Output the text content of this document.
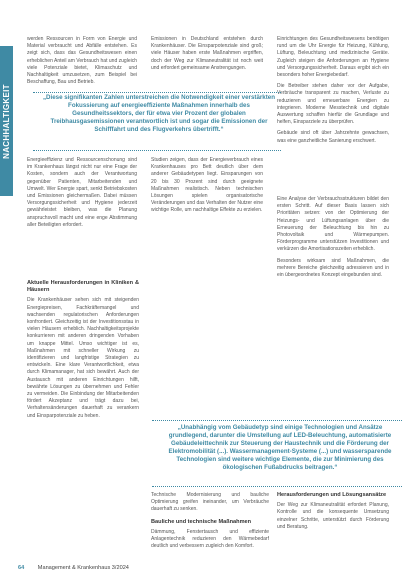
NACHHALTIGKEIT

werden Ressourcen in Form von Energie und Material verbraucht und Abfälle entstehen. Es zeigt sich, dass das Gesundheitswesen einen erheblichen Anteil am Verbrauch hat und zugleich viele Potenziale bietet, Klimaschutz und Nachhaltigkeit umzusetzen, zum Beispiel bei Beschaffung, Bau und Betrieb.

Emissionen in Deutschland entstehen durch Krankenhäuser. Die Einsparpotenziale sind groß; viele Häuser haben erste Maßnahmen ergriffen, doch der Weg zur Klimaneutralität ist noch weit und erfordert gemeinsame Anstrengungen.

Einrichtungen des Gesundheitswesens benötigen rund um die Uhr Energie für Heizung, Kühlung, Lüftung, Beleuchtung und medizinische Geräte. Zugleich steigen die Anforderungen an Hygiene und Versorgungssicherheit. Daraus ergibt sich ein besonders hoher Energiebedarf.

Die Betreiber stehen daher vor der Aufgabe, Verbräuche transparent zu machen, Verluste zu reduzieren und erneuerbare Energien zu integrieren. Moderne Messtechnik und digitale Auswertung schaffen hierfür die Grundlage und helfen, Einsparziele zu überprüfen.

Gebäude sind oft über Jahrzehnte gewachsen, was eine ganzheitliche Sanierung erschwert.

„Diese signifikanten Zahlen unterstreichen die Notwendigkeit einer verstärkten Fokussierung auf energieeffiziente Maßnahmen innerhalb des Gesundheitssektors, der für etwa vier Prozent der globalen Treibhausgasemissionen verantwortlich ist und sogar die Emissionen der Schifffahrt und des Flugverkehrs übertrifft.“

Energieeffizienz und Ressourcenschonung sind im Krankenhaus längst nicht nur eine Frage der Kosten, sondern auch der Verantwortung gegenüber Patienten, Mitarbeitenden und Umwelt. Wer Energie spart, senkt Betriebskosten und Emissionen gleichermaßen. Dabei müssen Versorgungssicherheit und Hygiene jederzeit gewährleistet bleiben, was die Planung anspruchsvoll macht und eine enge Abstimmung aller Beteiligten erfordert.

Studien zeigen, dass der Energieverbrauch eines Krankenhauses pro Bett deutlich über dem anderer Gebäudetypen liegt. Einsparungen von 20 bis 30 Prozent sind durch geeignete Maßnahmen realistisch. Neben technischen Lösungen spielen organisatorische Veränderungen und das Verhalten der Nutzer eine wichtige Rolle, um nachhaltige Effekte zu erzielen.

Eine Analyse der Verbrauchsstrukturen bildet den ersten Schritt. Auf dieser Basis lassen sich Prioritäten setzen: von der Optimierung der Heizungs- und Lüftungsanlagen über die Erneuerung der Beleuchtung bis hin zu Photovoltaik und Wärmepumpen. Förderprogramme unterstützen Investitionen und verkürzen die Amortisationszeiten erheblich.

Besonders wirksam sind Maßnahmen, die mehrere Bereiche gleichzeitig adressieren und in ein übergeordnetes Konzept eingebunden sind.

Aktuelle Herausforderungen in Kliniken & Häusern

Die Krankenhäuser sehen sich mit steigenden Energiepreisen, Fachkräftemangel und wachsenden regulatorischen Anforderungen konfrontiert. Gleichzeitig ist der Investitionsstau in vielen Häusern erheblich. Nachhaltigkeitsprojekte konkurrieren mit anderen dringenden Vorhaben um knappe Mittel. Umso wichtiger ist es, Maßnahmen mit schneller Wirkung zu identifizieren und langfristige Strategien zu entwickeln. Eine klare Verantwortlichkeit, etwa durch Klimamanager, hat sich bewährt. Auch der Austausch mit anderen Einrichtungen hilft, bewährte Lösungen zu übernehmen und Fehler zu vermeiden. Die Einbindung der Mitarbeitenden fördert Akzeptanz und trägt dazu bei, Verhaltensänderungen dauerhaft zu verankern und Einsparpotenziale zu heben.

„Unabhängig vom Gebäudetyp sind einige Technologien und Ansätze grundlegend, darunter die Umstellung auf LED-Beleuchtung, automatisierte Gebäudeleittechnik zur Steuerung der Haustechnik und die Förderung der Elektromobilität (...). Wassermanagement-Systeme (...) und wassersparende Technologien sind weitere wichtige Elemente, die zur Minimierung des ökologischen Fußabdrucks beitragen.“

Technische Modernisierung und bauliche Optimierung greifen ineinander, um Verbräuche dauerhaft zu senken.

Bauliche und technische Maßnahmen

Dämmung, Fenstertausch und effiziente Anlagentechnik reduzieren den Wärmebedarf deutlich und verbessern zugleich den Komfort.

Herausforderungen und Lösungsansätze

Der Weg zur Klimaneutralität erfordert Planung, Kontrolle und die konsequente Umsetzung einzelner Schritte, unterstützt durch Förderung und Beratung.

64 Management & Krankenhaus 3/2024
